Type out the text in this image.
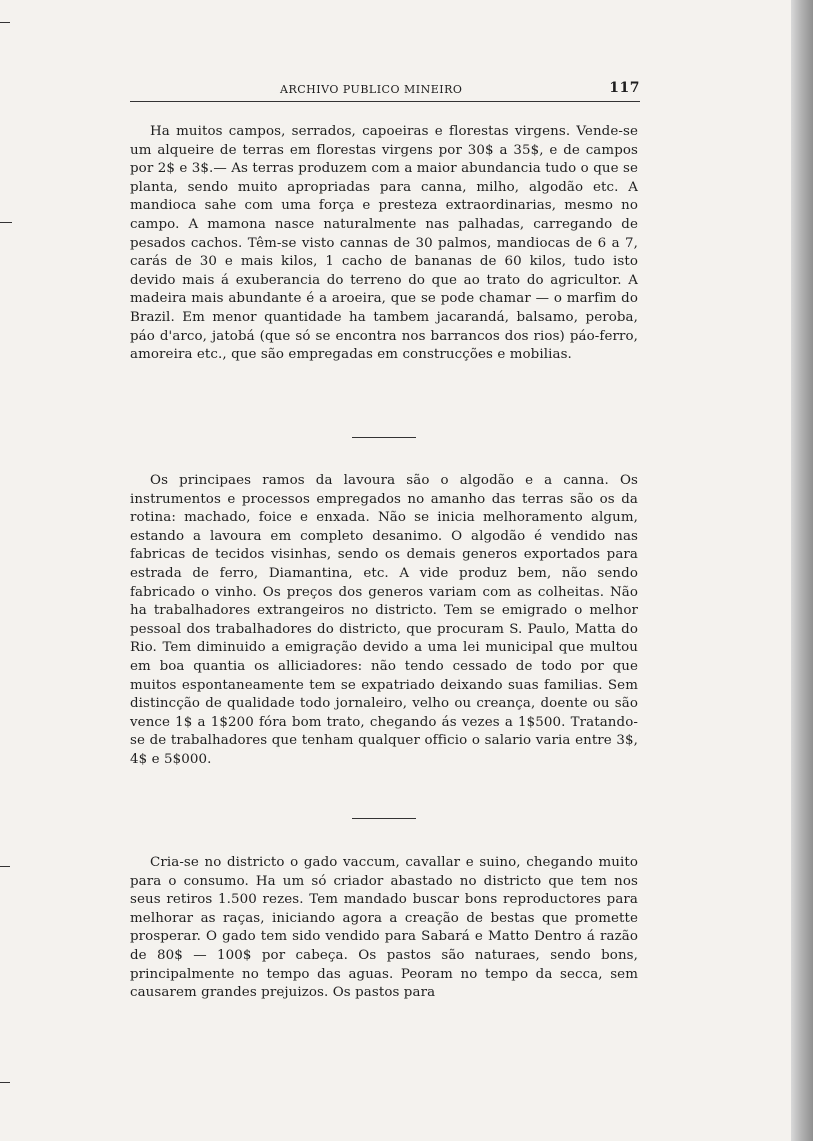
ARCHIVO PUBLICO MINEIRO	117

Ha muitos campos, serrados, capoeiras e florestas virgens. Vende-se um alqueire de terras em florestas virgens por 30$ a 35$, e de campos por 2$ e 3$.— As terras produzem com a maior abundancia tudo o que se planta, sendo muito apropriadas para canna, milho, algodão etc. A mandioca sahe com uma força e presteza extraordinarias, mesmo no campo. A mamona nasce naturalmente nas palhadas, carregando de pesados cachos. Têm-se visto cannas de 30 palmos, mandiocas de 6 a 7, carás de 30 e mais kilos, 1 cacho de bananas de 60 kilos, tudo isto devido mais á exuberancia do terreno do que ao trato do agricultor. A madeira mais abundante é a aroeira, que se pode chamar — o marfim do Brazil. Em menor quantidade ha tambem jacarandá, balsamo, peroba, páo d'arco, jatobá (que só se encontra nos barrancos dos rios) páo-ferro, amoreira etc., que são empregadas em construcções e mobilias.

Os principaes ramos da lavoura são o algodão e a canna. Os instrumentos e processos empregados no amanho das terras são os da rotina: machado, foice e enxada. Não se inicia melhoramento algum, estando a lavoura em completo desanimo. O algodão é vendido nas fabricas de tecidos visinhas, sendo os demais generos exportados para estrada de ferro, Diamantina, etc. A vide produz bem, não sendo fabricado o vinho. Os preços dos generos variam com as colheitas. Não ha trabalhadores extrangeiros no districto. Tem se emigrado o melhor pessoal dos trabalhadores do districto, que procuram S. Paulo, Matta do Rio. Tem diminuido a emigração devido a uma lei municipal que multou em boa quantia os alliciadores: não tendo cessado de todo por que muitos espontaneamente tem se expatriado deixando suas familias. Sem distincção de qualidade todo jornaleiro, velho ou creança, doente ou são vence 1$ a 1$200 fóra bom trato, chegando ás vezes a 1$500. Tratando-se de trabalhadores que tenham qualquer officio o salario varia entre 3$, 4$ e 5$000.

Cria-se no districto o gado vaccum, cavallar e suino, chegando muito para o consumo. Ha um só criador abastado no districto que tem nos seus retiros 1.500 rezes. Tem mandado buscar bons reproductores para melhorar as raças, iniciando agora a creação de bestas que promette prosperar. O gado tem sido vendido para Sabará e Matto Dentro á razão de 80$ — 100$ por cabeça. Os pastos são naturaes, sendo bons, principalmente no tempo das aguas. Peoram no tempo da secca, sem causarem grandes prejuizos. Os pastos para
